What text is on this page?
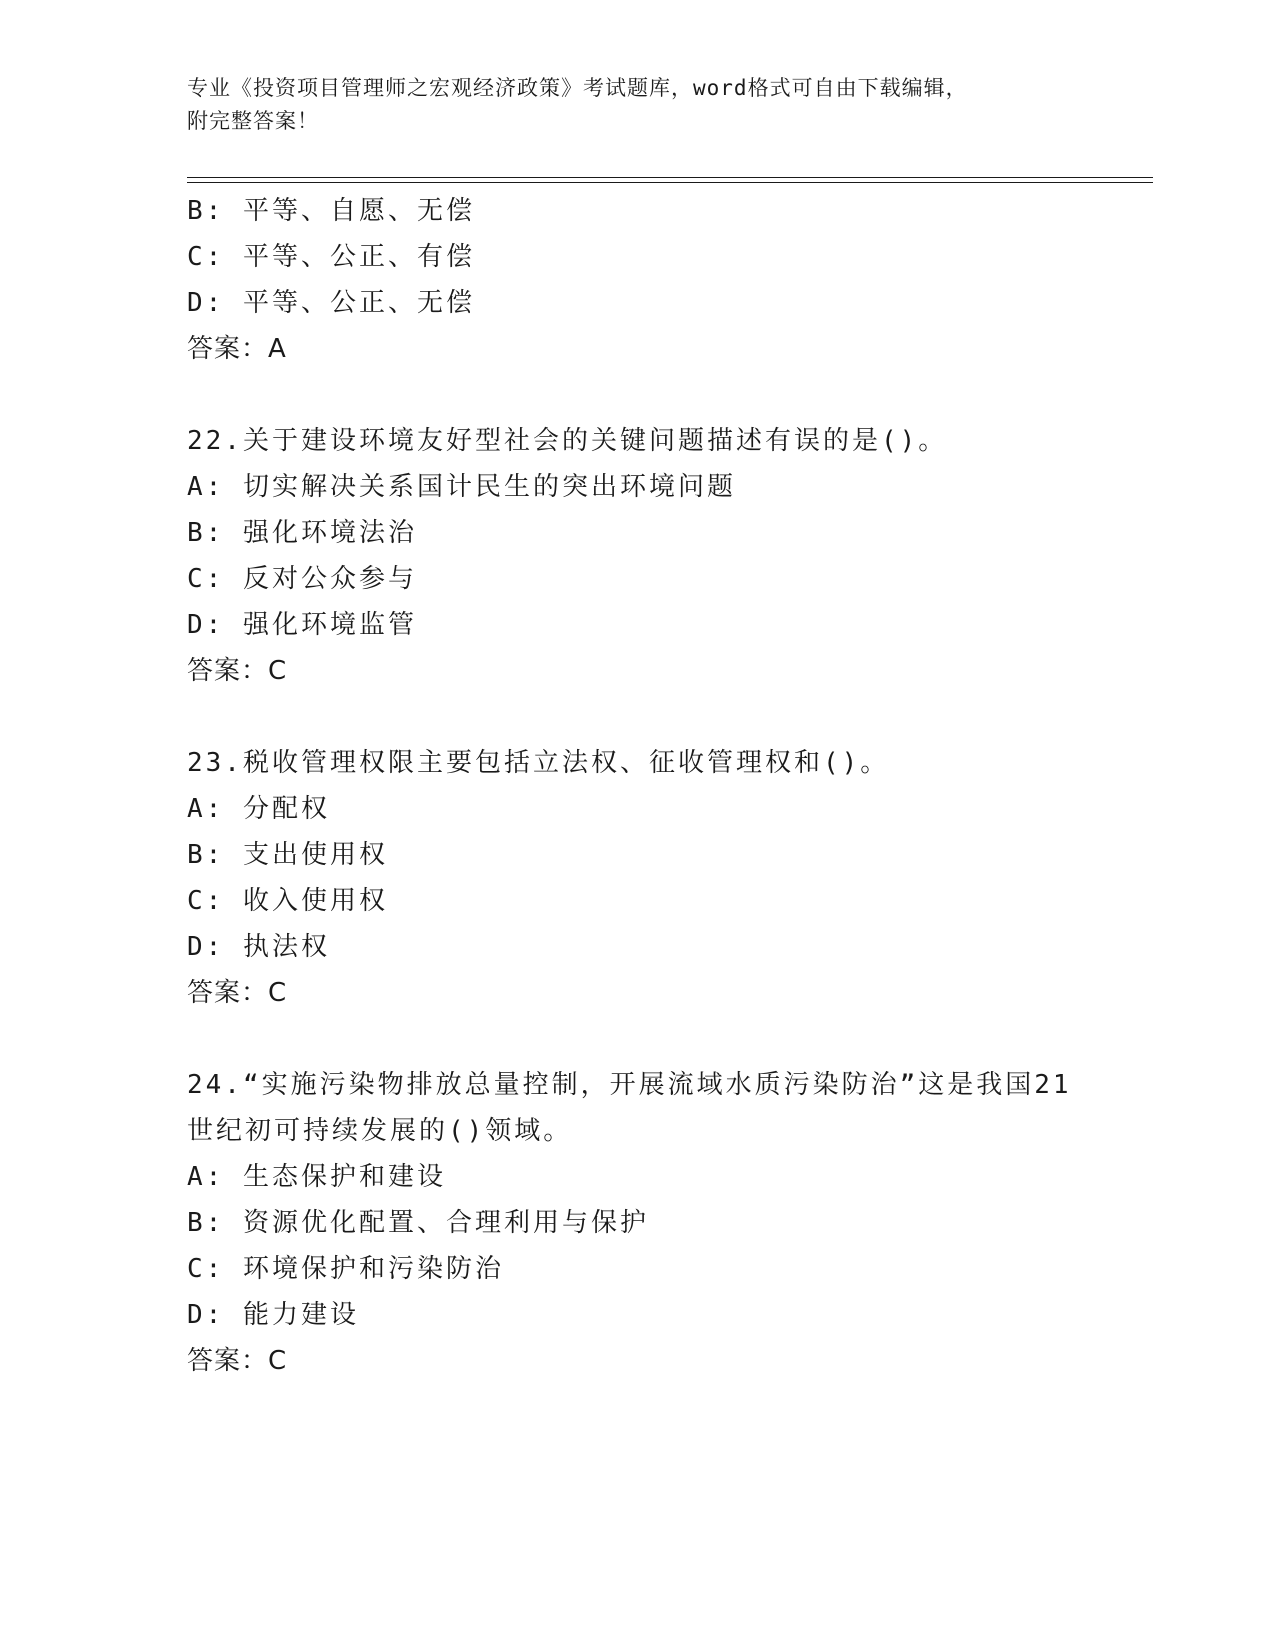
专业《投资项目管理师之宏观经济政策》考试题库，word格式可自由下载编辑，
附完整答案！
B: 平等、自愿、无偿
C: 平等、公正、有偿
D: 平等、公正、无偿
答案：A
22.关于建设环境友好型社会的关键问题描述有误的是()。
A: 切实解决关系国计民生的突出环境问题
B: 强化环境法治
C: 反对公众参与
D: 强化环境监管
答案：C
23.税收管理权限主要包括立法权、征收管理权和()。
A: 分配权
B: 支出使用权
C: 收入使用权
D: 执法权
答案：C
24.“实施污染物排放总量控制，开展流域水质污染防治”这是我国21
世纪初可持续发展的()领域。
A: 生态保护和建设
B: 资源优化配置、合理利用与保护
C: 环境保护和污染防治
D: 能力建设
答案：C
